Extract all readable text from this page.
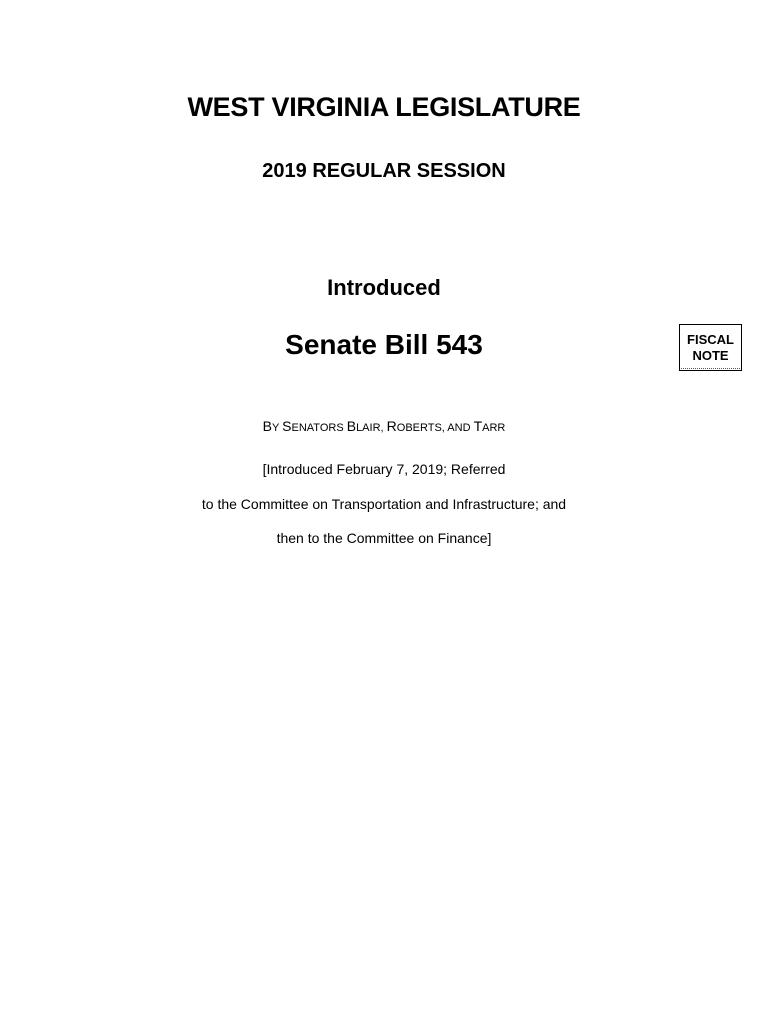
WEST VIRGINIA LEGISLATURE
2019 REGULAR SESSION
Introduced
Senate Bill 543	FISCAL
NOTE
BY SENATORS BLAIR, ROBERTS, AND TARR
[Introduced February 7, 2019; Referred
to the Committee on Transportation and Infrastructure; and
then to the Committee on Finance]
